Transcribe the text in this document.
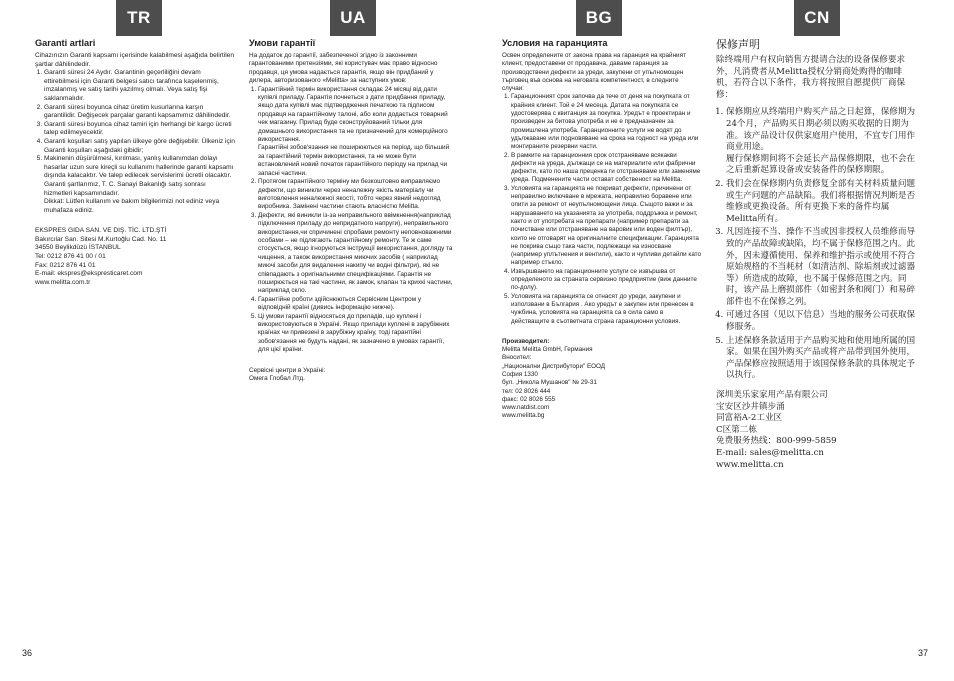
TR	UA	BG	CN
Garanti artlari

Cihazınızın Garanti kapsamı içerisinde kalabilmesi aşağıda belirtilen şartlar dâhilindedir.

1. Garanti süresi 24 Aydır. Garantinin geçerliliğini devam ettirebilmesi için Garanti belgesi satıcı tarafınca kaşelenmiş, imzalanmış ve satış tarihi yazılmış olmalı. Veya satış fişi saklanmalıdır.
2. Garanti süresi boyunca cihaz üretim kusurlarına karşın garantilidir. Değişecek parçalar garanti kapsamımız dâhilindedir.
3. Garanti süresi boyunca cihaz tamiri için herhangi bir kargo ücreti talep edilmeyecektir.
4. Garanti koşulları satış yapılan ülkeye göre değişebilir. Ülkeniz için Garanti koşulları aşağıdaki gibidir;
5. Makinenin düşürülmesi, kırılması, yanlış kullanımdan dolayı hasarlar uzun sure kireçli su kullanımı hallerinde garanti kapsamı dışında kalacaktır. Ve talep edilecek servislerimi ücretli olacaktır.

Garanti şartlarımız, T. C. Sanayi Bakanlığı satış sonrası hizmetleri kapsamındadır.

Dikkat: Lütfen kullanım ve bakım bilgilerimizi not ediniz veya muhafaza ediniz.

EKSPRES GIDA SAN. VE DIŞ. TİC. LTD.ŞTİ

Bakırcılar San. Sitesi M.Kurtoğlu Cad. No. 11

34550 Beylikdüzü İSTANBUL

Tel: 0212 876 41 00 / 01

Fax: 0212 876 41 01

E-mail: ekspres@ekspresticaret.com

www.melitta.com.tr

Умови гарантії

На додаток до гарантії, забезпеченої згідно із законними гарантованими претензіями, які користувач має право відносно продавця, ця умова надається гарантія, якщо він придбаний у дилера, авторизованого «Melitta» за наступних умов:

1. Гарантійний термін використання складає 24 місяці від дати купівлі приладу. Гарантія почнеться з дати придбання приладу, якщо дата купівлі має підтвердження печаткою та підписом продавця на гарантійному талоні, або коли додається товарний чек магазину. Прилад буде сконструйований тільки для домашнього використання та не призначений для комерційного використання.
Гарантійні зобов'язання не поширюються на період, що більший за гарантійний термін використання, та не може бути встановлений новий початок гарантійного періоду на прилад чи запасні частини.
2. Протягом гарантійного терміну ми безкоштовно виправляємо дефекти, що виникли через неналежну якість матеріалу чи виготовлення неналежної якості, тобто через явний недогляд виробника. Замінені частини стають власністю Melitta.
3. Дефекти, які виникли із-за неправильного ввімкнення(наприклад підключення приладу до непридатного напруги), неправильного використання,чи спричинені спробами ремонту неповноважними особами – не підлягають гарантійному ремонту. Те ж саме стосується, якщо ігноруються інструкції використання, догляду та чищення, а також використання миючих засобів ( наприклад миючі засоби для видалення накипу чи водні фільтри), які не співпадають з оригінальними специфікаціями. Гарантія не поширюється на такі частини, як замок, клапан та крихкі частини, наприклад скло.
4. Гарантійне роботи здійснюються Сервісним Центром у відповідній країні (дивись інформацію нижче).
5. Ці умови гарантії відносяться до приладів, що куплені і використовуються в Україні. Якщо прилади куплені в зарубіжних країнах чи привезені в зарубіжну країну, тоді гарантійні зобов'язання не будуть надані, як зазначено в умовах гарантії, для цієї країни.

Сервісні центри в Україні:

Омега Глобал Лтд.

Условия на гаранцията

Освен определените от закона права на гаранция на крайният клиент, предоставени от продавача, даваме гаранция за производствени дефекти за уреди, закупени от упълномощен търговец във основа на неговата компетентност, в следните случаи:

1. Гаранционният срок започва да тече от деня на покупката от крайния клиент. Той е 24 месеца. Датата на покупката се удостоверява с квитанция за покупка. Уредът е проектиран и произведен за битова употреба и не е предназначен за промишлена употреба. Гаранционните услуги не водят до удължаване или подновяване на срока на годност на уреда или монтираните резервни части.
2. В рамките на гаранционния срок отстраняваме всякакви дефекти на уреда, дължащи се на материалите или фабрични дефекти, като по наша преценка ги отстраняваме или заменяме уреда. Подменените части остават собственост на Melitta.
3. Условията на гаранцията не покриват дефекти, причинени от неправилно включване в мрежата, неправилно боравене или опити за ремонт от неупълномощени лица. Същото важи и за нарушаването на указанията за употреба, поддръжка и ремонт, както и от употребата на препарати (например препарати за почистване или отстраняване на варовик или воден филтър), които не отговарят на оригиналните спецификации. Гаранцията не покрива също така части, подлежащи на износване (например уплътнения и вентили), както и чупливи детайли като например стъкло.
4. Извършването на гаранционните услуги се извършва от определеното за страната сервизно предприятие (виж данните по-долу).
5. Условията на гаранцията се отнасят до уреди, закупени и използвани в България . Ако уредът е закупен или пренесен в чужбина, условията на гаранцията са в сила само в действащите в съответната страна гаранционни условия.

Производител:

Melitta Melitta GmbH, Германия

Вносител:

„Национални Дистрибутори" ЕООД

София 1330

бул. „Никола Мушанов" № 29-31

тел: 02 8026 444

факс: 02 8026 555

www.natdist.com

www.melitta.bg

保修声明

除终端用户有权向销售方提请合法的设备保修要求外，凡消费者从Melitta授权分销商处购得的咖啡机，若符合以下条件，我方将按照自愿提供厂商保修：

1. 保修期应从终端用户购买产品之日起算，保修期为24个月，产品购买日期必须以购买收据的日期为准。该产品设计仅供家庭用户使用，不宜专门用作商业用途。
履行保修期间将不会延长产品保修期限，也不会在之后重新起算设备或安装备件的保修期限。
2. 我们会在保修期内负责修复全部有关材料质量问题或生产问题的产品缺陷。我们将根据情况判断是否维修或更换设备。所有更换下来的备件均属Melitta所有。
3. 凡因连接不当、操作不当或因非授权人员维修而导致的产品故障或缺陷，均不属于保修范围之内。此外，因未遵循使用、保养和维护指示或使用不符合原始规格的不当耗材（如清洁剂、除垢剂或过滤器等）所造成的故障，也不属于保修范围之内。同时，该产品上磨损部件（如密封条和阀门）和易碎部件也不在保修之列。
4. 可通过各国（见以下信息）当地的服务公司获取保修服务。
5. 上述保修条款适用于产品购买地和使用地所属的国家。如果在国外购买产品或将产品带到国外使用，产品保修应按照适用于该国保修条款的具体规定予以执行。

深圳美乐家家用产品有限公司

宝安区沙井镇步涌

同富裕A-2工业区

C区第二栋

免费服务热线：800-999-5859

E-mail: sales@melitta.cn

www.melitta.cn

36	37
